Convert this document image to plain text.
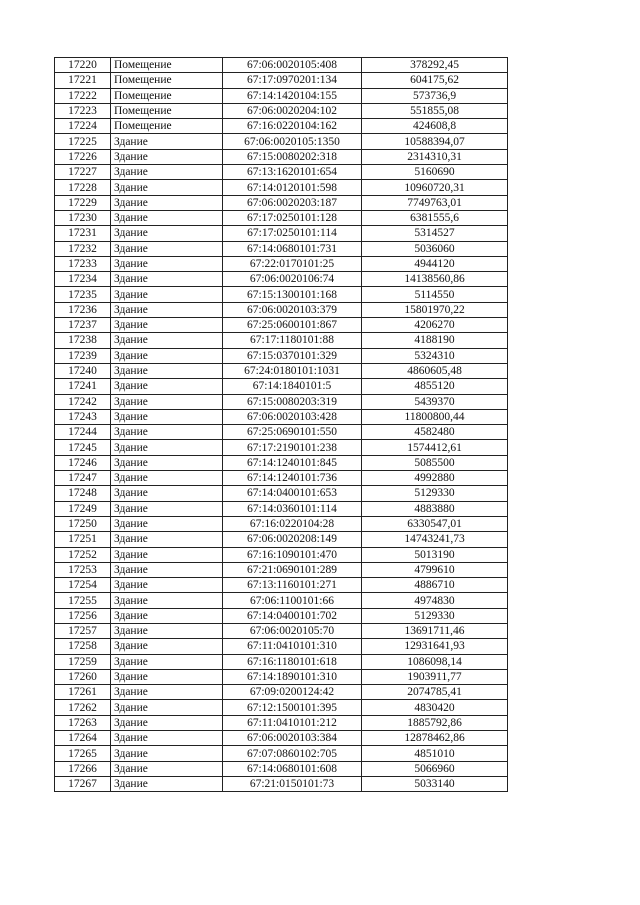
17220	Помещение	67:06:0020105:408	378292,45
17221	Помещение	67:17:0970201:134	604175,62
17222	Помещение	67:14:1420104:155	573736,9
17223	Помещение	67:06:0020204:102	551855,08
17224	Помещение	67:16:0220104:162	424608,8
17225	Здание	67:06:0020105:1350	10588394,07
17226	Здание	67:15:0080202:318	2314310,31
17227	Здание	67:13:1620101:654	5160690
17228	Здание	67:14:0120101:598	10960720,31
17229	Здание	67:06:0020203:187	7749763,01
17230	Здание	67:17:0250101:128	6381555,6
17231	Здание	67:17:0250101:114	5314527
17232	Здание	67:14:0680101:731	5036060
17233	Здание	67:22:0170101:25	4944120
17234	Здание	67:06:0020106:74	14138560,86
17235	Здание	67:15:1300101:168	5114550
17236	Здание	67:06:0020103:379	15801970,22
17237	Здание	67:25:0600101:867	4206270
17238	Здание	67:17:1180101:88	4188190
17239	Здание	67:15:0370101:329	5324310
17240	Здание	67:24:0180101:1031	4860605,48
17241	Здание	67:14:1840101:5	4855120
17242	Здание	67:15:0080203:319	5439370
17243	Здание	67:06:0020103:428	11800800,44
17244	Здание	67:25:0690101:550	4582480
17245	Здание	67:17:2190101:238	1574412,61
17246	Здание	67:14:1240101:845	5085500
17247	Здание	67:14:1240101:736	4992880
17248	Здание	67:14:0400101:653	5129330
17249	Здание	67:14:0360101:114	4883880
17250	Здание	67:16:0220104:28	6330547,01
17251	Здание	67:06:0020208:149	14743241,73
17252	Здание	67:16:1090101:470	5013190
17253	Здание	67:21:0690101:289	4799610
17254	Здание	67:13:1160101:271	4886710
17255	Здание	67:06:1100101:66	4974830
17256	Здание	67:14:0400101:702	5129330
17257	Здание	67:06:0020105:70	13691711,46
17258	Здание	67:11:0410101:310	12931641,93
17259	Здание	67:16:1180101:618	1086098,14
17260	Здание	67:14:1890101:310	1903911,77
17261	Здание	67:09:0200124:42	2074785,41
17262	Здание	67:12:1500101:395	4830420
17263	Здание	67:11:0410101:212	1885792,86
17264	Здание	67:06:0020103:384	12878462,86
17265	Здание	67:07:0860102:705	4851010
17266	Здание	67:14:0680101:608	5066960
17267	Здание	67:21:0150101:73	5033140
